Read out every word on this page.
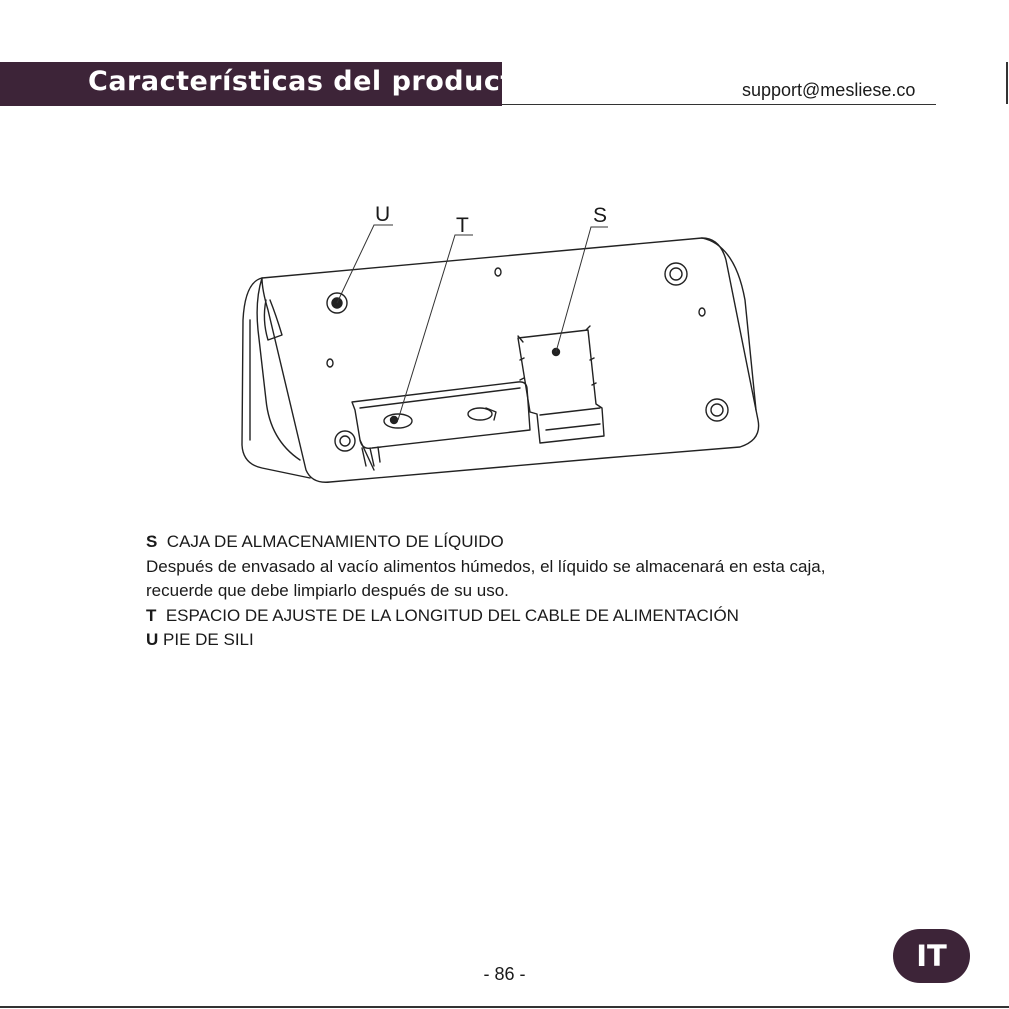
Características del producto	support@mesliese.co
U	T	S

S CAJA DE ALMACENAMIENTO DE LÍQUIDO

Después de envasado al vacío alimentos húmedos, el líquido se almacenará en esta caja,

recuerde que debe limpiarlo después de su uso.

T ESPACIO DE AJUSTE DE LA LONGITUD DEL CABLE DE ALIMENTACIÓN

U PIE DE SILI

- 86 -
IT
